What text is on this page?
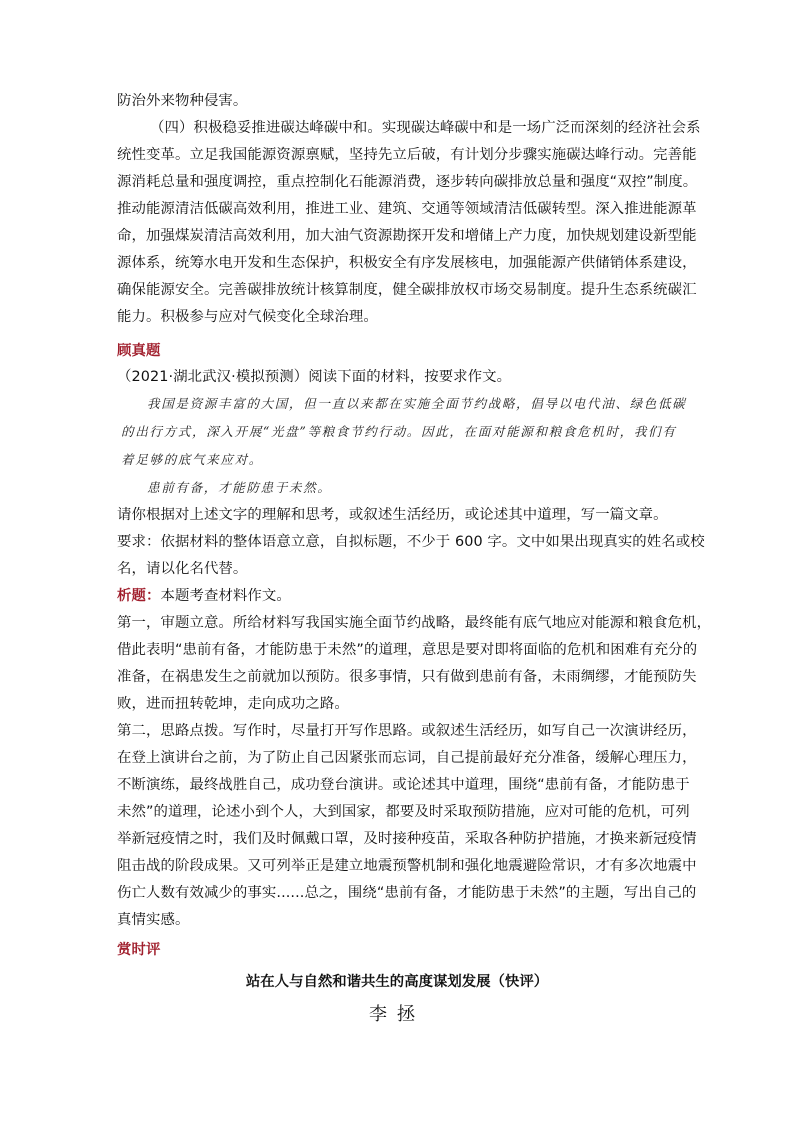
防治外来物种侵害。
（四）积极稳妥推进碳达峰碳中和。实现碳达峰碳中和是一场广泛而深刻的经济社会系
统性变革。立足我国能源资源禀赋，坚持先立后破，有计划分步骤实施碳达峰行动。完善能
源消耗总量和强度调控，重点控制化石能源消费，逐步转向碳排放总量和强度“双控”制度。
推动能源清洁低碳高效利用，推进工业、建筑、交通等领域清洁低碳转型。深入推进能源革
命，加强煤炭清洁高效利用，加大油气资源勘探开发和增储上产力度，加快规划建设新型能
源体系，统筹水电开发和生态保护，积极安全有序发展核电，加强能源产供储销体系建设，
确保能源安全。完善碳排放统计核算制度，健全碳排放权市场交易制度。提升生态系统碳汇
能力。积极参与应对气候变化全球治理。
顾真题
（2021·湖北武汉·模拟预测）阅读下面的材料，按要求作文。
我国是资源丰富的大国，但一直以来都在实施全面节约战略，倡导以电代油、绿色低碳
的出行方式，深入开展“光盘”等粮食节约行动。因此，在面对能源和粮食危机时，我们有
着足够的底气来应对。
患前有备，才能防患于未然。
请你根据对上述文字的理解和思考，或叙述生活经历，或论述其中道理，写一篇文章。
要求：依据材料的整体语意立意，自拟标题，不少于 600 字。文中如果出现真实的姓名或校
名，请以化名代替。
析题：本题考查材料作文。
第一，审题立意。所给材料写我国实施全面节约战略，最终能有底气地应对能源和粮食危机，
借此表明“患前有备，才能防患于未然”的道理，意思是要对即将面临的危机和困难有充分的
准备，在祸患发生之前就加以预防。很多事情，只有做到患前有备，未雨绸缪，才能预防失
败，进而扭转乾坤，走向成功之路。
第二，思路点拨。写作时，尽量打开写作思路。或叙述生活经历，如写自己一次演讲经历，
在登上演讲台之前，为了防止自己因紧张而忘词，自己提前最好充分准备，缓解心理压力，
不断演练，最终战胜自己，成功登台演讲。或论述其中道理，围绕“患前有备，才能防患于
未然”的道理，论述小到个人，大到国家，都要及时采取预防措施，应对可能的危机，可列
举新冠疫情之时，我们及时佩戴口罩，及时接种疫苗，采取各种防护措施，才换来新冠疫情
阻击战的阶段成果。又可列举正是建立地震预警机制和强化地震避险常识，才有多次地震中
伤亡人数有效减少的事实......总之，围绕“患前有备，才能防患于未然”的主题，写出自己的
真情实感。
赏时评
站在人与自然和谐共生的高度谋划发展（快评）
李拯
